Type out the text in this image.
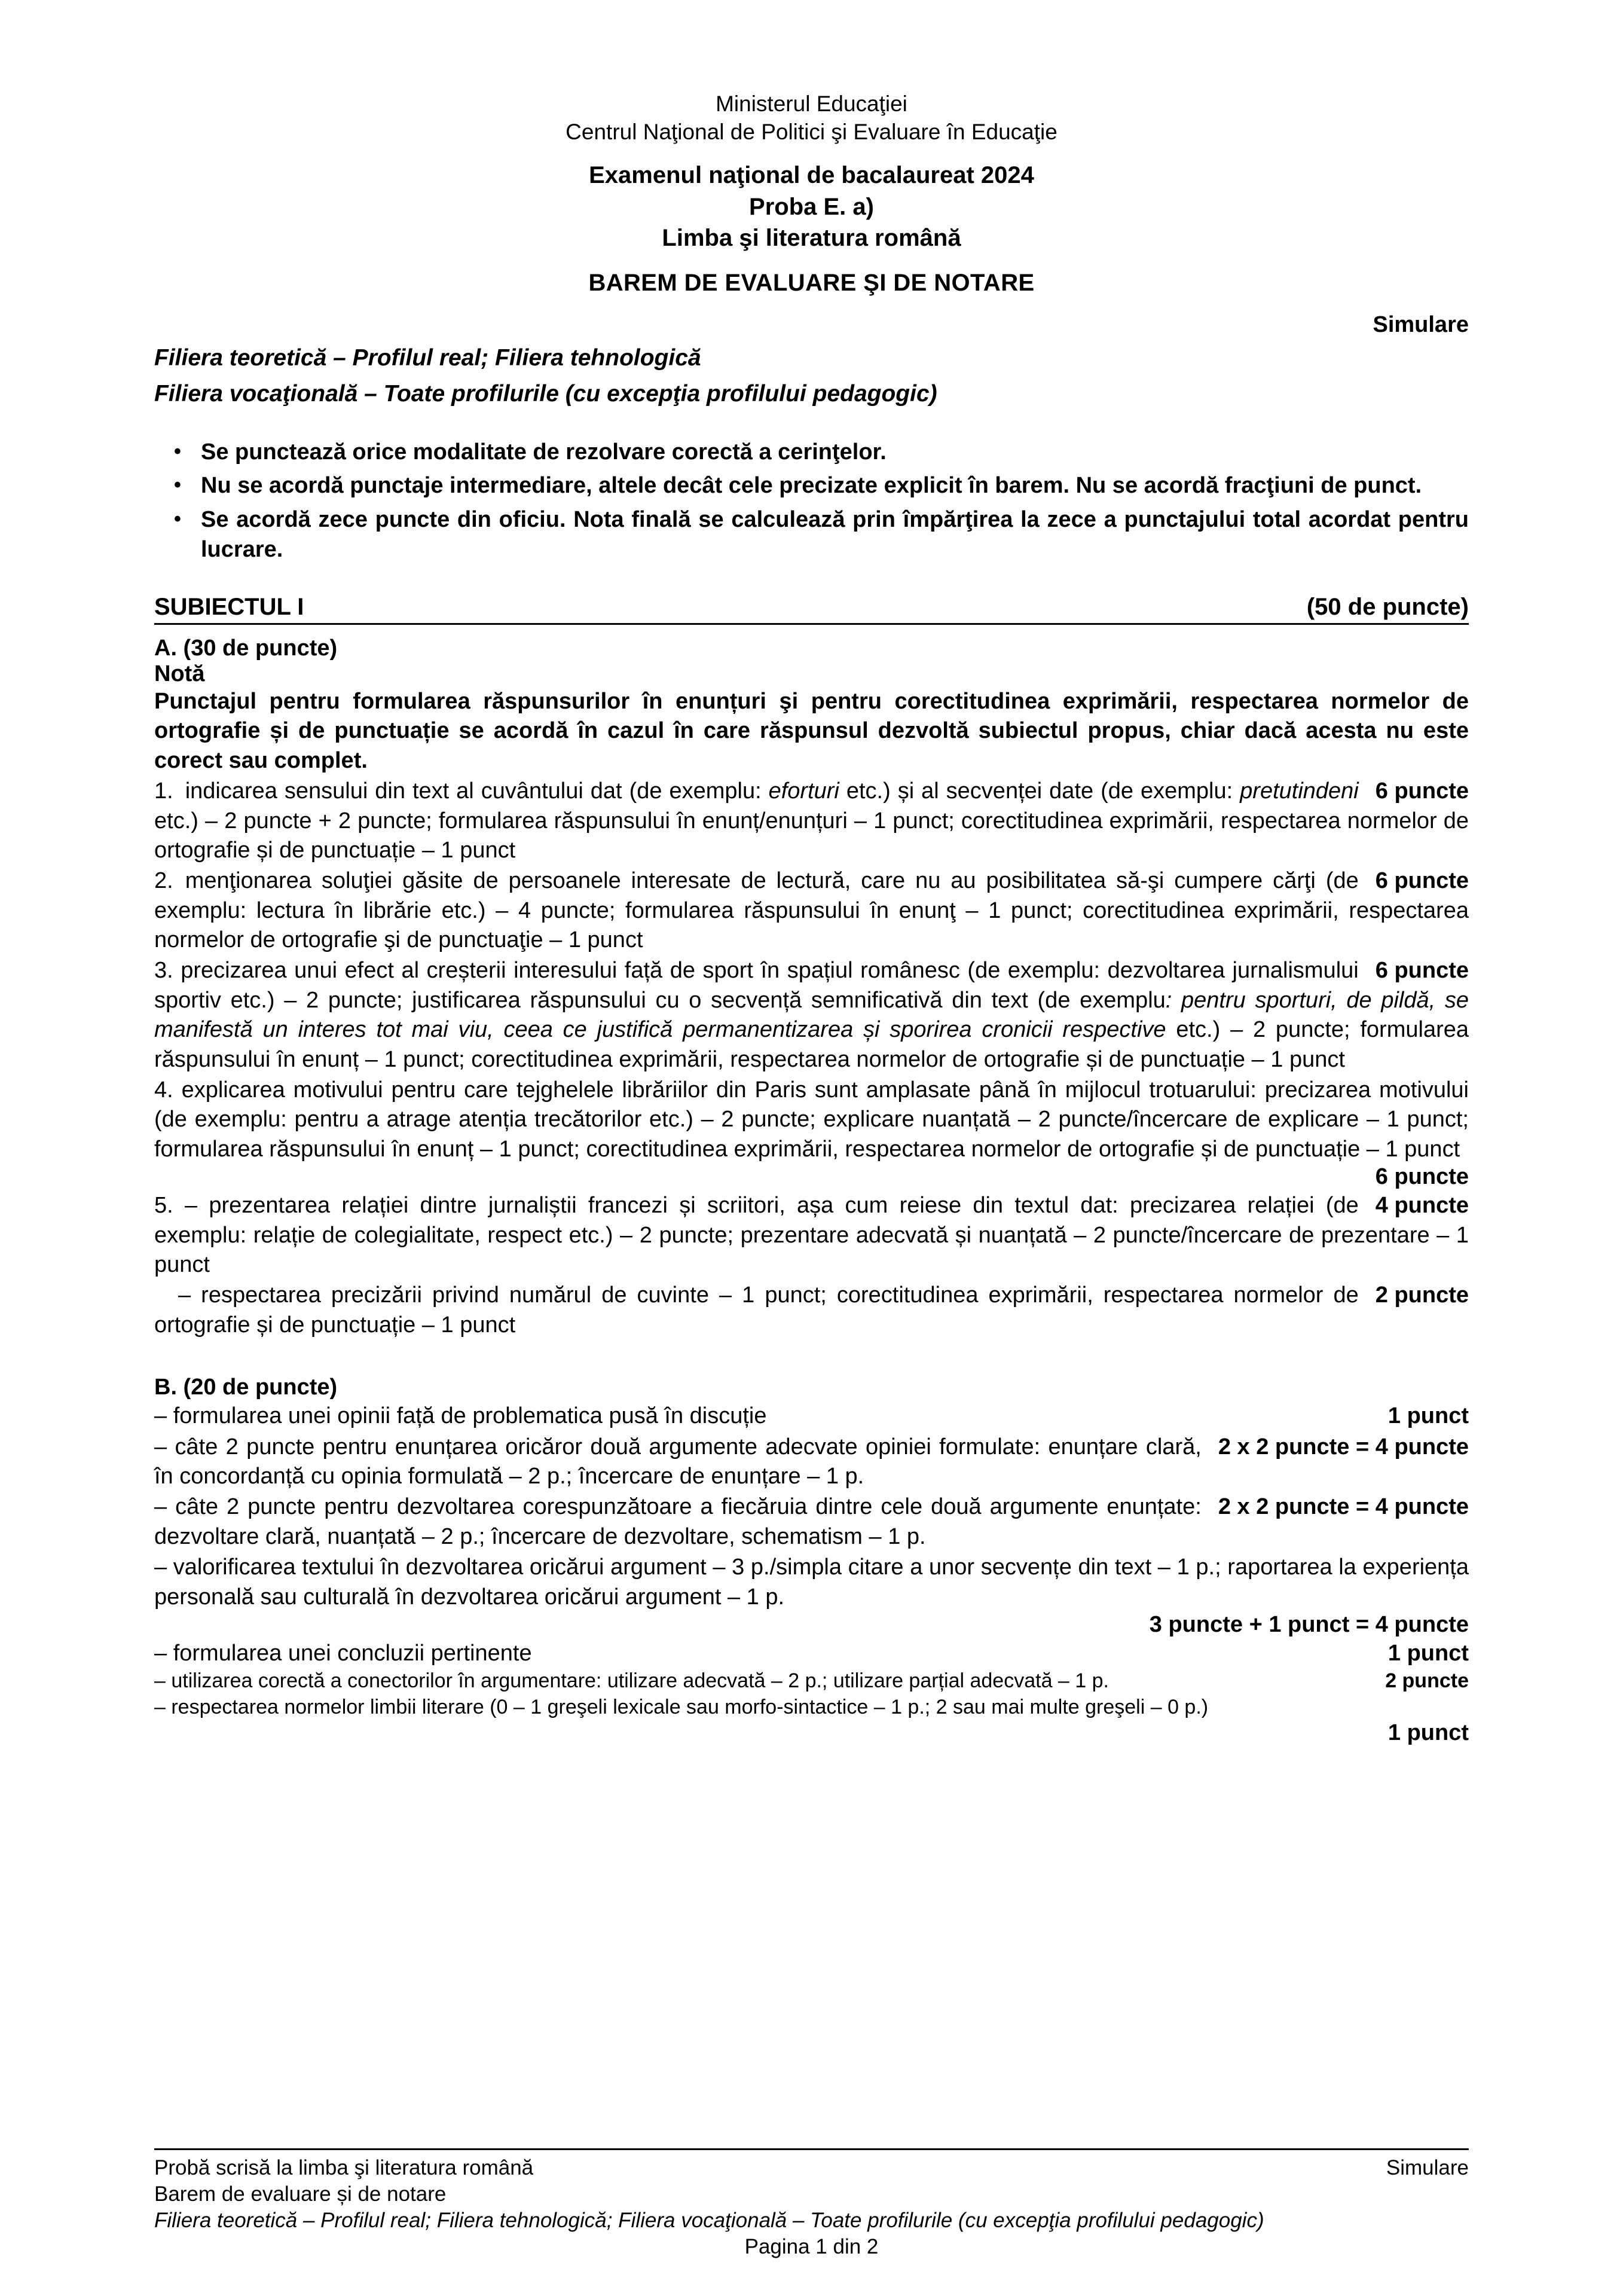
Ministerul Educaţiei
Centrul Naţional de Politici şi Evaluare în Educaţie
Examenul naţional de bacalaureat 2024
Proba E. a)
Limba şi literatura română
BAREM DE EVALUARE ŞI DE NOTARE
Simulare
Filiera teoretică – Profilul real; Filiera tehnologică
Filiera vocaţională – Toate profilurile (cu excepţia profilului pedagogic)
• Se punctează orice modalitate de rezolvare corectă a cerinţelor.
• Nu se acordă punctaje intermediare, altele decât cele precizate explicit în barem. Nu se acordă fracţiuni de punct.
• Se acordă zece puncte din oficiu. Nota finală se calculează prin împărţirea la zece a punctajului total acordat pentru lucrare.
SUBIECTUL I	(50 de puncte)
A. (30 de puncte)
Notă
Punctajul pentru formularea răspunsurilor în enunțuri şi pentru corectitudinea exprimării, respectarea normelor de ortografie și de punctuație se acordă în cazul în care răspunsul dezvoltă subiectul propus, chiar dacă acesta nu este corect sau complet.
6 puncte
1. indicarea sensului din text al cuvântului dat (de exemplu: eforturi etc.) și al secvenței date (de exemplu: pretutindeni etc.) – 2 puncte + 2 puncte; formularea răspunsului în enunț/enunțuri – 1 punct; corectitudinea exprimării, respectarea normelor de ortografie și de punctuație – 1 punct
6 puncte
2. menţionarea soluţiei găsite de persoanele interesate de lectură, care nu au posibilitatea să-şi cumpere cărţi (de exemplu: lectura în librărie etc.) – 4 puncte; formularea răspunsului în enunţ – 1 punct; corectitudinea exprimării, respectarea normelor de ortografie şi de punctuaţie – 1 punct
6 puncte
3. precizarea unui efect al creșterii interesului față de sport în spațiul românesc (de exemplu: dezvoltarea jurnalismului sportiv etc.) – 2 puncte; justificarea răspunsului cu o secvență semnificativă din text (de exemplu: pentru sporturi, de pildă, se manifestă un interes tot mai viu, ceea ce justifică permanentizarea și sporirea cronicii respective etc.) – 2 puncte; formularea răspunsului în enunț – 1 punct; corectitudinea exprimării, respectarea normelor de ortografie și de punctuație – 1 punct
4. explicarea motivului pentru care tejghelele librăriilor din Paris sunt amplasate până în mijlocul trotuarului: precizarea motivului (de exemplu: pentru a atrage atenția trecătorilor etc.) – 2 puncte; explicare nuanțată – 2 puncte/încercare de explicare – 1 punct; formularea răspunsului în enunț – 1 punct; corectitudinea exprimării, respectarea normelor de ortografie și de punctuație – 1 punct
6 puncte
4 puncte
5. – prezentarea relației dintre jurnaliștii francezi și scriitori, așa cum reiese din textul dat: precizarea relației (de exemplu: relație de colegialitate, respect etc.) – 2 puncte; prezentare adecvată și nuanțată – 2 puncte/încercare de prezentare – 1 punct
2 puncte
– respectarea precizării privind numărul de cuvinte – 1 punct; corectitudinea exprimării, respectarea normelor de ortografie și de punctuație – 1 punct
B. (20 de puncte)
1 punct
– formularea unei opinii față de problematica pusă în discuție
2 x 2 puncte = 4 puncte
– câte 2 puncte pentru enunțarea oricăror două argumente adecvate opiniei formulate: enunțare clară, în concordanță cu opinia formulată – 2 p.; încercare de enunțare – 1 p.
2 x 2 puncte = 4 puncte
– câte 2 puncte pentru dezvoltarea corespunzătoare a fiecăruia dintre cele două argumente enunțate: dezvoltare clară, nuanțată – 2 p.; încercare de dezvoltare, schematism – 1 p.
– valorificarea textului în dezvoltarea oricărui argument – 3 p./simpla citare a unor secvențe din text – 1 p.; raportarea la experiența personală sau culturală în dezvoltarea oricărui argument – 1 p.
3 puncte + 1 punct = 4 puncte
1 punct
– formularea unei concluzii pertinente
2 puncte
– utilizarea corectă a conectorilor în argumentare: utilizare adecvată – 2 p.; utilizare parțial adecvată – 1 p.
– respectarea normelor limbii literare (0 – 1 greşeli lexicale sau morfo-sintactice – 1 p.; 2 sau mai multe greşeli – 0 p.)
1 punct
Probă scrisă la limba şi literatura română	Simulare
Barem de evaluare și de notare
Filiera teoretică – Profilul real; Filiera tehnologică; Filiera vocaţională – Toate profilurile (cu excepţia profilului pedagogic)
Pagina 1 din 2
